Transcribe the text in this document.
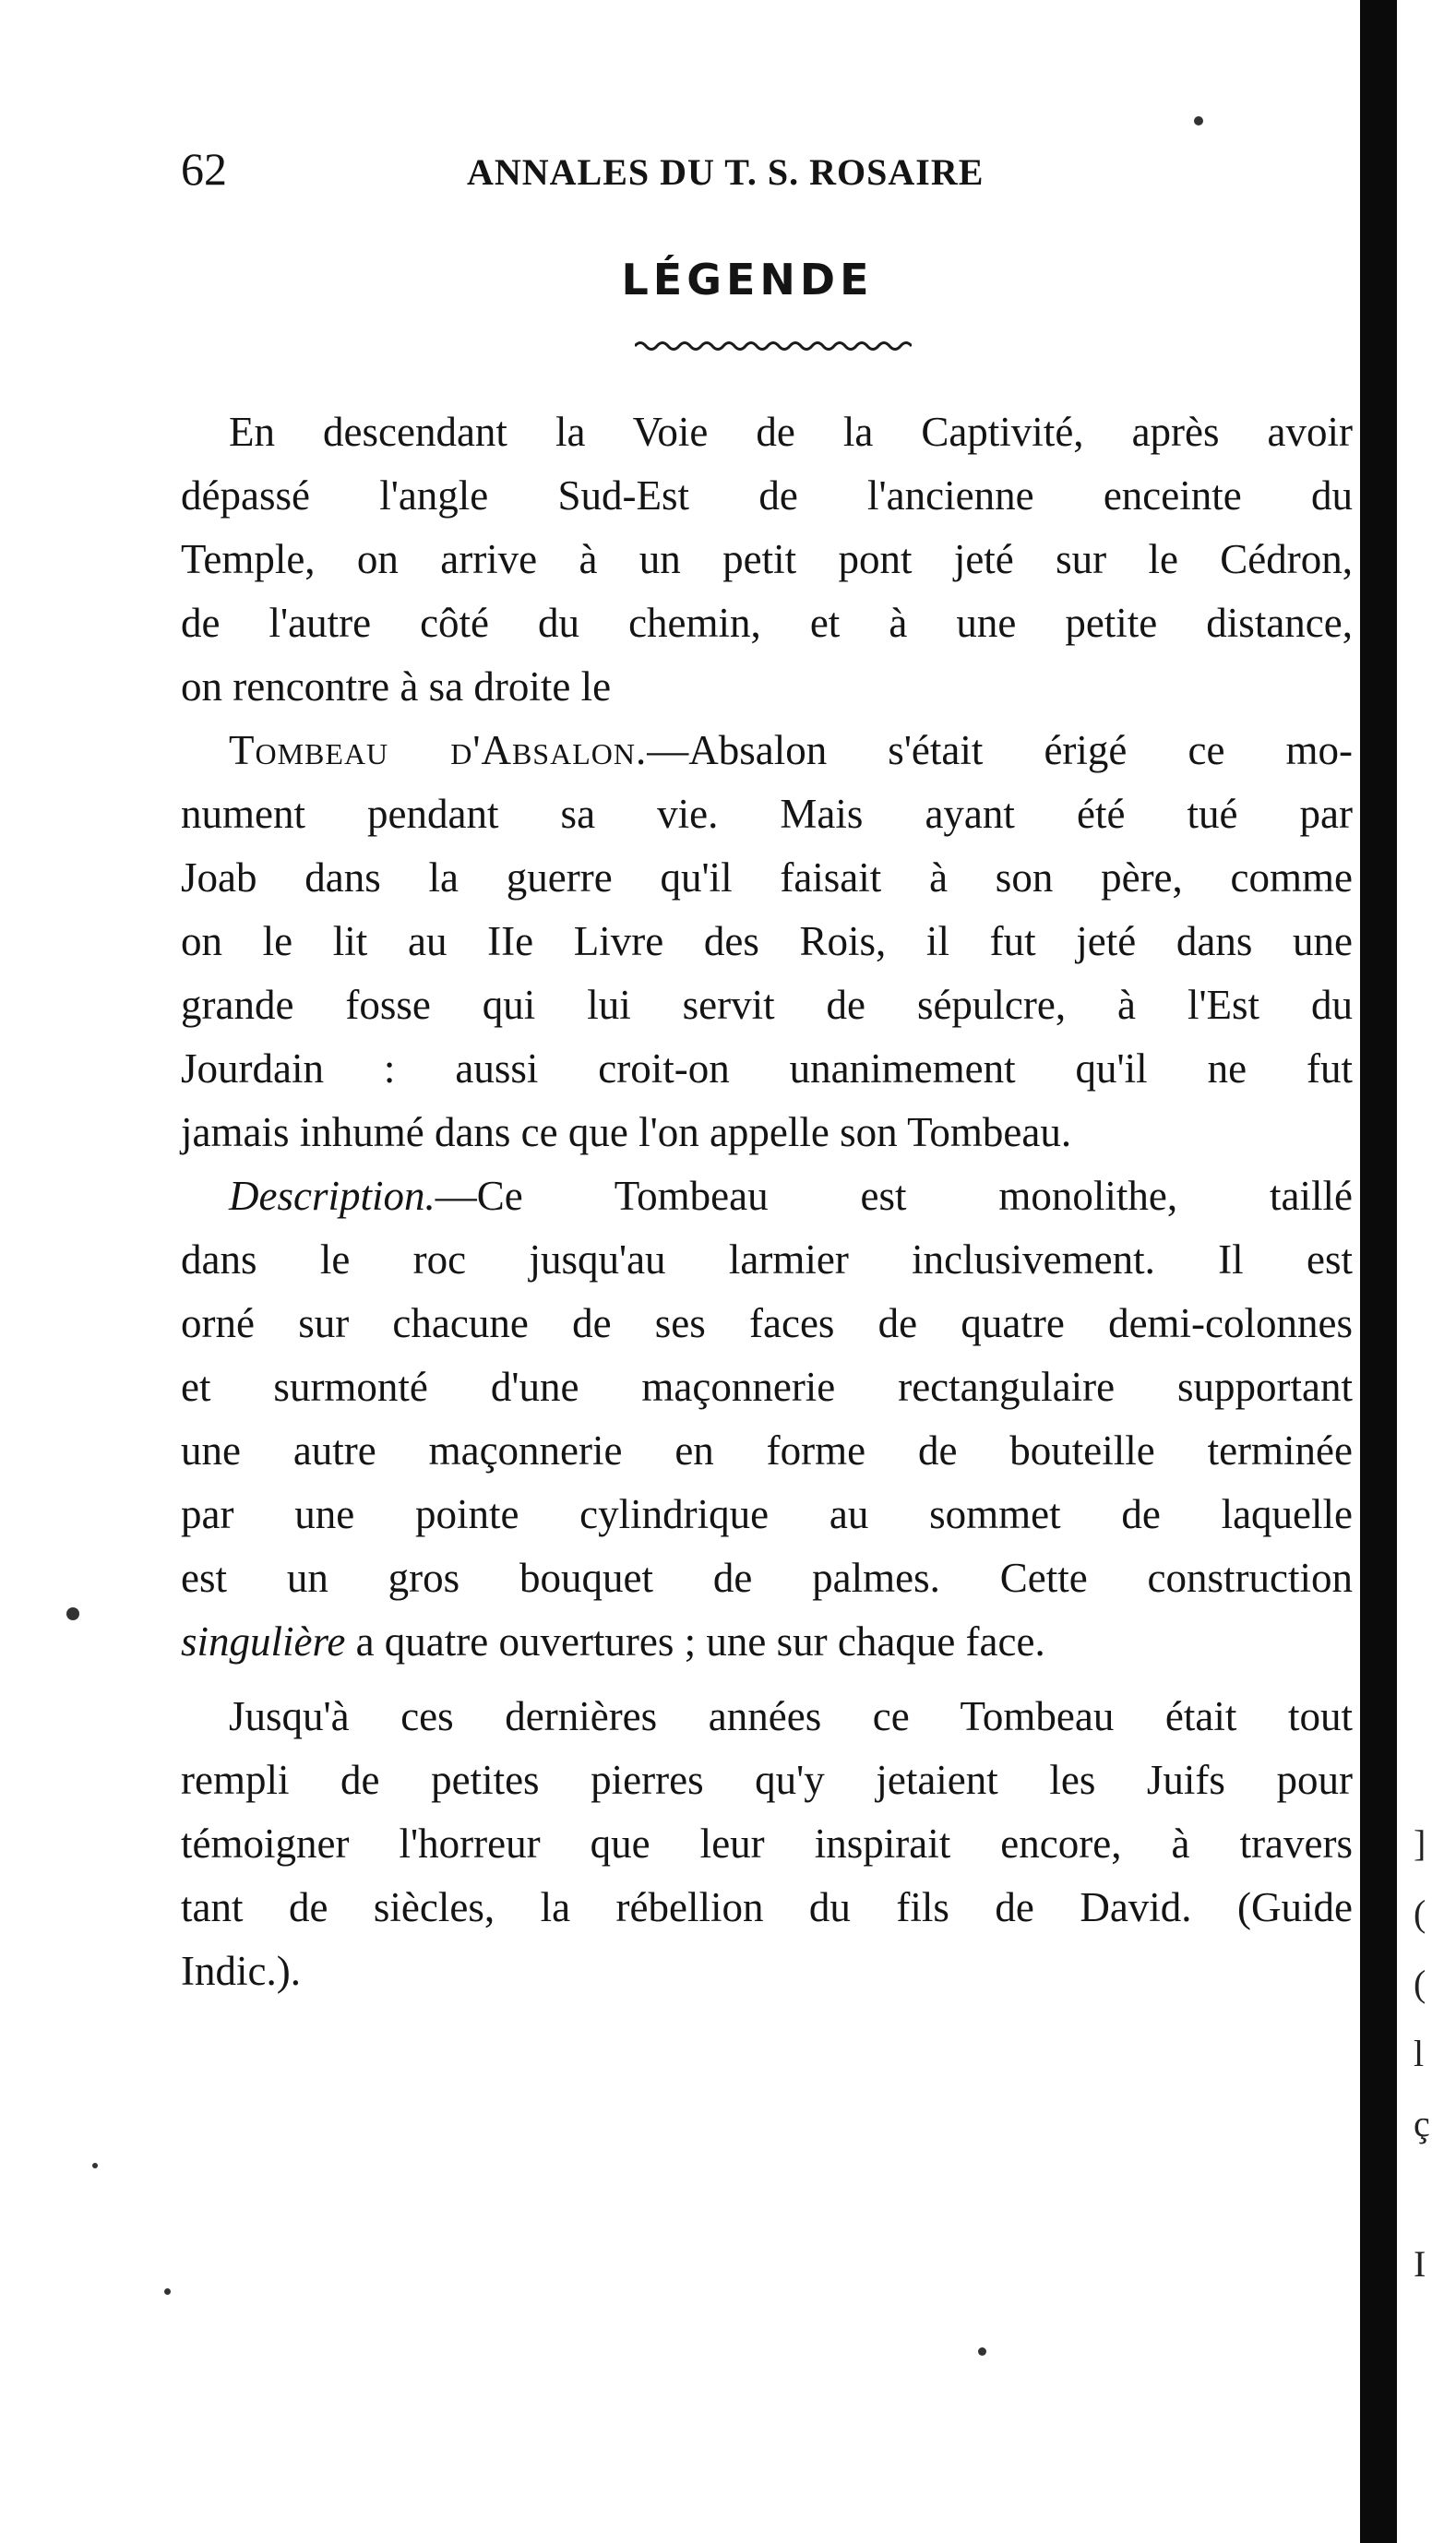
62	ANNALES DU T. S. ROSAIRE
LÉGENDE
En descendant la Voie de la Captivité, après avoir
dépassé l'angle Sud-Est de l'ancienne enceinte du
Temple, on arrive à un petit pont jeté sur le Cédron,
de l'autre côté du chemin, et à une petite distance,
on rencontre à sa droite le
Tombeau d'Absalon.—Absalon s'était érigé ce mo-
nument pendant sa vie. Mais ayant été tué par
Joab dans la guerre qu'il faisait à son père, comme
on le lit au IIe Livre des Rois, il fut jeté dans une
grande fosse qui lui servit de sépulcre, à l'Est du
Jourdain : aussi croit-on unanimement qu'il ne fut
jamais inhumé dans ce que l'on appelle son Tombeau.
Description.—Ce Tombeau est monolithe, taillé
dans le roc jusqu'au larmier inclusivement. Il est
orné sur chacune de ses faces de quatre demi-colonnes
et surmonté d'une maçonnerie rectangulaire supportant
une autre maçonnerie en forme de bouteille terminée
par une pointe cylindrique au sommet de laquelle
est un gros bouquet de palmes. Cette construction
singulière a quatre ouvertures ; une sur chaque face.
Jusqu'à ces dernières années ce Tombeau était tout
rempli de petites pierres qu'y jetaient les Juifs pour
témoigner l'horreur que leur inspirait encore, à travers
tant de siècles, la rébellion du fils de David. (Guide
Indic.).
]
(
(
l
ç
I
